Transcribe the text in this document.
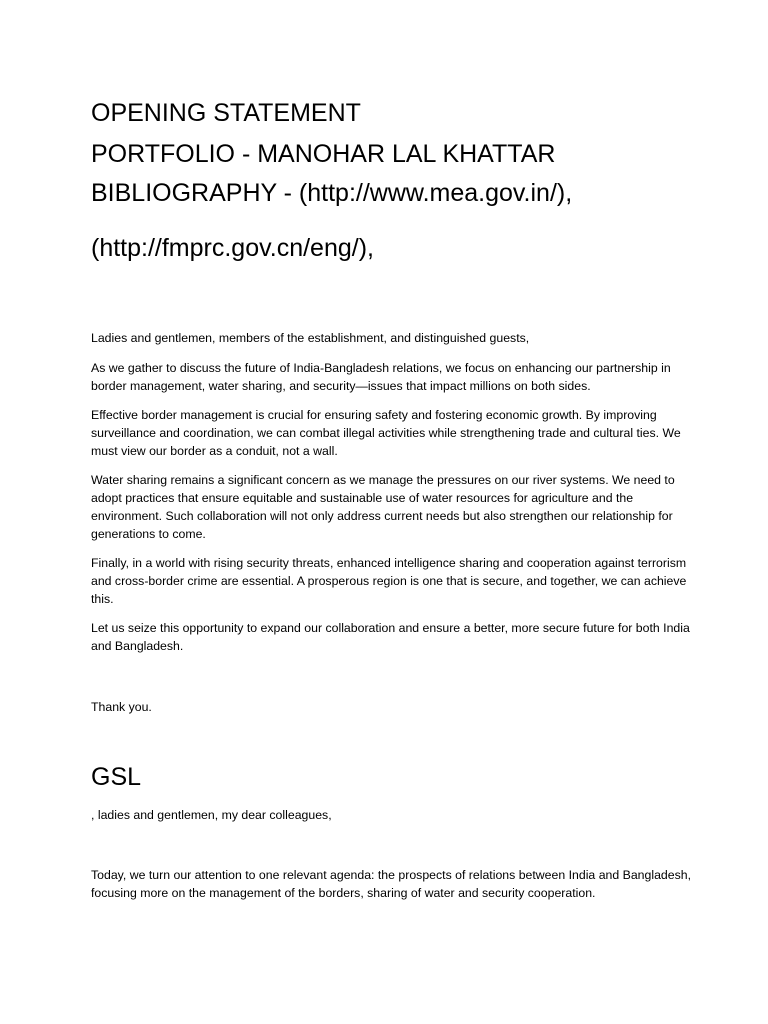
OPENING STATEMENT
PORTFOLIO - MANOHAR LAL KHATTAR
BIBLIOGRAPHY - (http://www.mea.gov.in/),
(http://fmprc.gov.cn/eng/),
Ladies and gentlemen, members of the establishment, and distinguished guests,
As we gather to discuss the future of India-Bangladesh relations, we focus on enhancing our partnership in border management, water sharing, and security—issues that impact millions on both sides.
Effective border management is crucial for ensuring safety and fostering economic growth. By improving surveillance and coordination, we can combat illegal activities while strengthening trade and cultural ties. We must view our border as a conduit, not a wall.
Water sharing remains a significant concern as we manage the pressures on our river systems. We need to adopt practices that ensure equitable and sustainable use of water resources for agriculture and the environment. Such collaboration will not only address current needs but also strengthen our relationship for generations to come.
Finally, in a world with rising security threats, enhanced intelligence sharing and cooperation against terrorism and cross-border crime are essential. A prosperous region is one that is secure, and together, we can achieve this.
Let us seize this opportunity to expand our collaboration and ensure a better, more secure future for both India and Bangladesh.
Thank you.
GSL
, ladies and gentlemen, my dear colleagues,
Today, we turn our attention to one relevant agenda: the prospects of relations between India and Bangladesh, focusing more on the management of the borders, sharing of water and security cooperation.
